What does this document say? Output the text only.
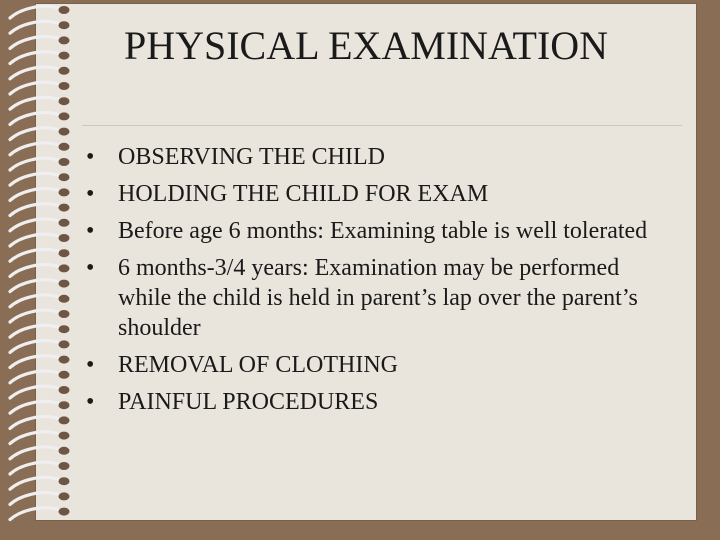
PHYSICAL EXAMINATION
• OBSERVING THE CHILD
• HOLDING THE CHILD FOR EXAM
• Before age 6 months: Examining table is well tolerated
• 6 months-3/4 years: Examination may be performed while the child is held in parent’s lap over the parent’s shoulder
• REMOVAL OF CLOTHING
• PAINFUL PROCEDURES
